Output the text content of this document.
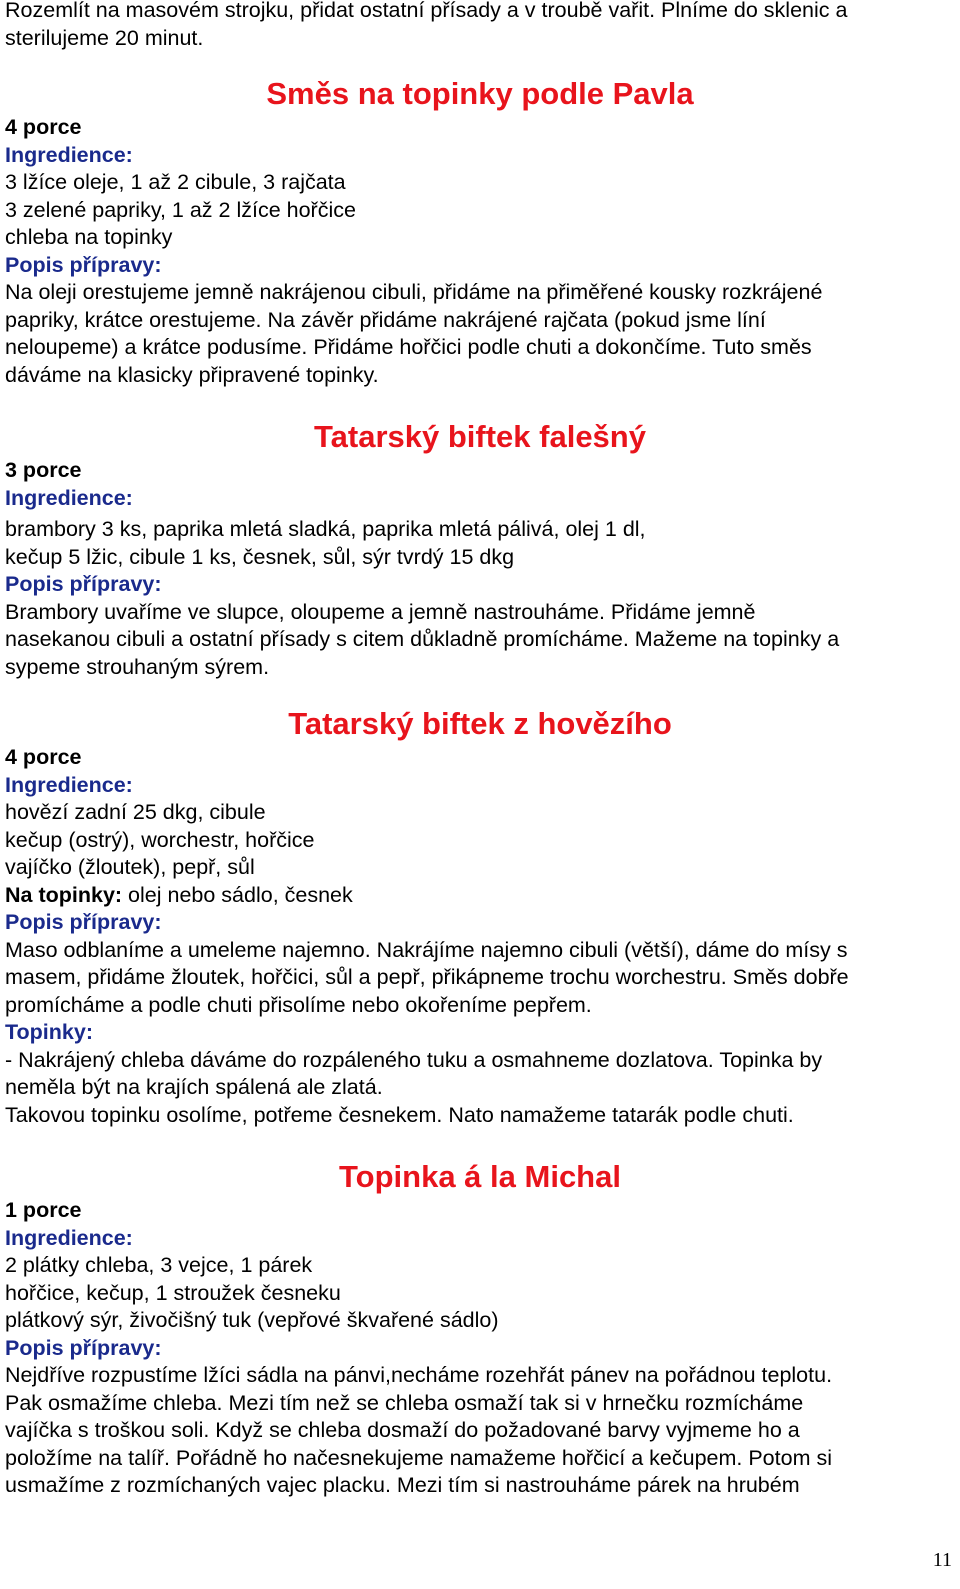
Rozemlít na masovém strojku, přidat ostatní přísady a v troubě vařit. Plníme do sklenic a
sterilujeme 20 minut.
Směs na topinky podle Pavla
4 porce
Ingredience:
3 lžíce oleje, 1 až 2 cibule, 3 rajčata
3 zelené papriky, 1 až 2 lžíce hořčice
chleba na topinky
Popis přípravy:
Na oleji orestujeme jemně nakrájenou cibuli, přidáme na přiměřené kousky rozkrájené
papriky, krátce orestujeme. Na závěr přidáme nakrájené rajčata (pokud jsme líní
neloupeme) a krátce podusíme. Přidáme hořčici podle chuti a dokončíme. Tuto směs
dáváme na klasicky připravené topinky.
Tatarský biftek falešný
3 porce
Ingredience:
brambory 3 ks, paprika mletá sladká, paprika mletá pálivá, olej 1 dl,
kečup 5 lžic, cibule 1 ks, česnek, sůl, sýr tvrdý 15 dkg
Popis přípravy:
Brambory uvaříme ve slupce, oloupeme a jemně nastrouháme. Přidáme jemně
nasekanou cibuli a ostatní přísady s citem důkladně promícháme. Mažeme na topinky a
sypeme strouhaným sýrem.
Tatarský biftek z hovězího
4 porce
Ingredience:
hovězí zadní 25 dkg, cibule
kečup (ostrý), worchestr, hořčice
vajíčko (žloutek), pepř, sůl
Na topinky: olej nebo sádlo, česnek
Popis přípravy:
Maso odblaníme a umeleme najemno. Nakrájíme najemno cibuli (větší), dáme do mísy s
masem, přidáme žloutek, hořčici, sůl a pepř, přikápneme trochu worchestru. Směs dobře
promícháme a podle chuti přisolíme nebo okořeníme pepřem.
Topinky:
- Nakrájený chleba dáváme do rozpáleného tuku a osmahneme dozlatova. Topinka by
neměla být na krajích spálená ale zlatá.
Takovou topinku osolíme, potřeme česnekem. Nato namažeme tatarák podle chuti.
Topinka á la Michal
1 porce
Ingredience:
2 plátky chleba, 3 vejce, 1 párek
hořčice, kečup, 1 stroužek česneku
plátkový sýr, živočišný tuk (vepřové škvařené sádlo)
Popis přípravy:
Nejdříve rozpustíme lžíci sádla na pánvi,necháme rozehřát pánev na pořádnou teplotu.
Pak osmažíme chleba. Mezi tím než se chleba osmaží tak si v hrnečku rozmícháme
vajíčka s troškou soli. Když se chleba dosmaží do požadované barvy vyjmeme ho a
položíme na talíř. Pořádně ho načesnekujeme namažeme hořčicí a kečupem. Potom si
usmažíme z rozmíchaných vajec placku. Mezi tím si nastrouháme párek na hrubém
11
